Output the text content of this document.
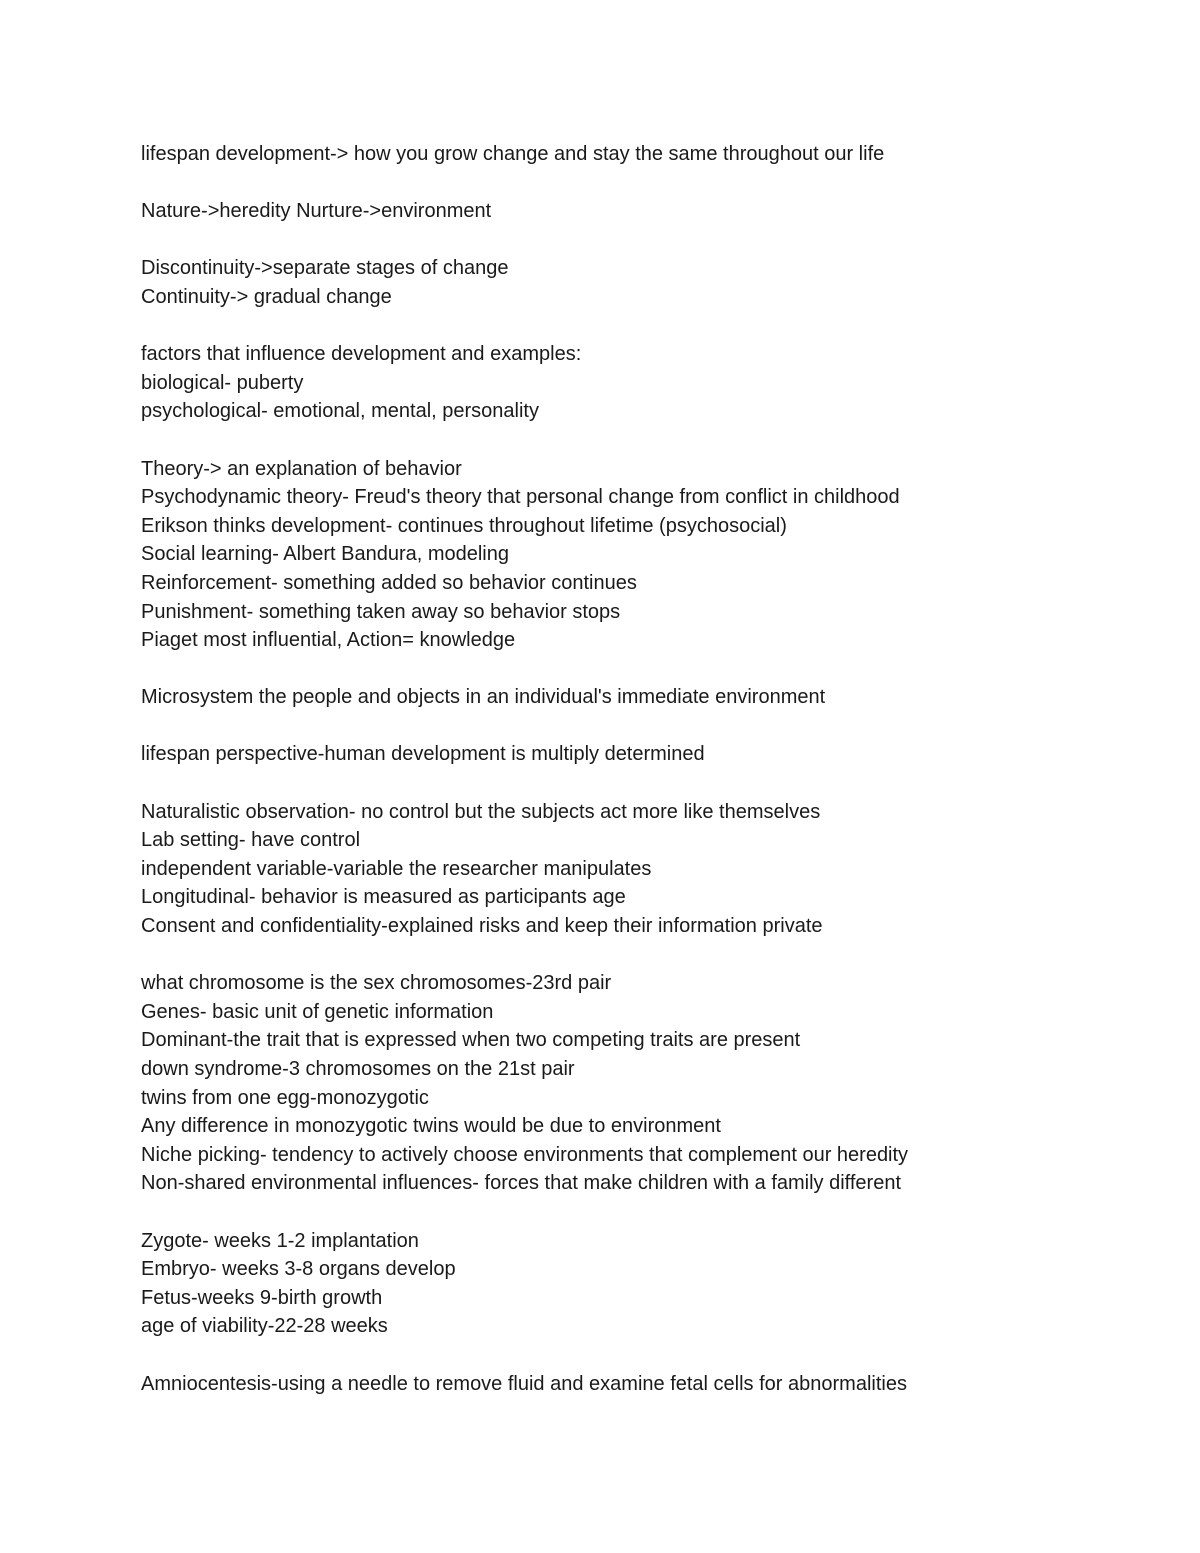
lifespan development-> how you grow change and stay the same throughout our life
Nature->heredity Nurture->environment
Discontinuity->separate stages of change
Continuity-> gradual change
factors that influence development and examples:
biological- puberty
psychological- emotional, mental, personality
Theory-> an explanation of behavior
Psychodynamic theory- Freud's theory that personal change from conflict in childhood
Erikson thinks development- continues throughout lifetime (psychosocial)
Social learning- Albert Bandura, modeling
Reinforcement- something added so behavior continues
Punishment- something taken away so behavior stops
Piaget most influential, Action= knowledge
Microsystem the people and objects in an individual's immediate environment
lifespan perspective-human development is multiply determined
Naturalistic observation- no control but the subjects act more like themselves
Lab setting- have control
independent variable-variable the researcher manipulates
Longitudinal- behavior is measured as participants age
Consent and confidentiality-explained risks and keep their information private
what chromosome is the sex chromosomes-23rd pair
Genes- basic unit of genetic information
Dominant-the trait that is expressed when two competing traits are present
down syndrome-3 chromosomes on the 21st pair
twins from one egg-monozygotic
Any difference in monozygotic twins would be due to environment
Niche picking- tendency to actively choose environments that complement our heredity
Non-shared environmental influences- forces that make children with a family different
Zygote- weeks 1-2 implantation
Embryo- weeks 3-8 organs develop
Fetus-weeks 9-birth growth
age of viability-22-28 weeks
Amniocentesis-using a needle to remove fluid and examine fetal cells for abnormalities
